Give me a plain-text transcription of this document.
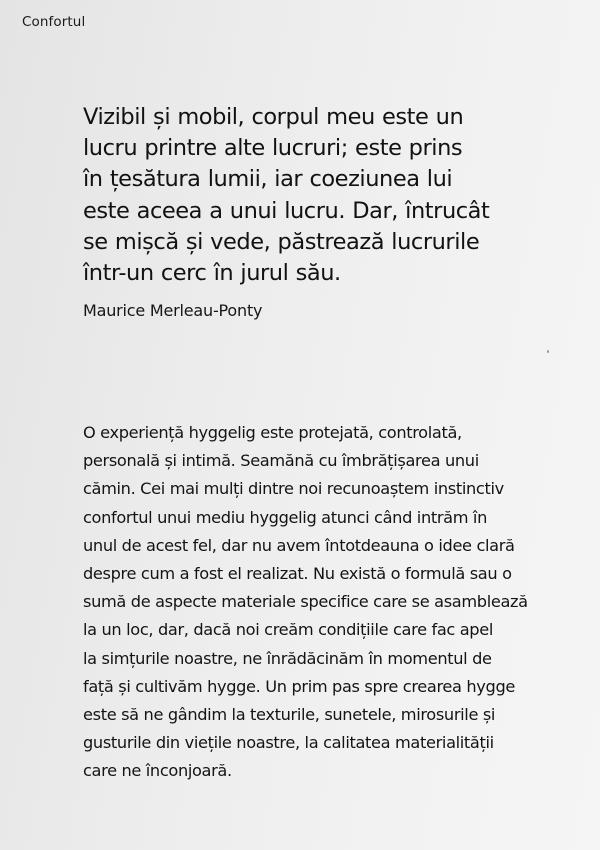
Confortul
Vizibil și mobil, corpul meu este un
lucru printre alte lucruri; este prins
în țesătura lumii, iar coeziunea lui
este aceea a unui lucru. Dar, întrucât
se mișcă și vede, păstrează lucrurile
într-un cerc în jurul său.
Maurice Merleau-Ponty
O experiență hyggelig este protejată, controlată,
personală și intimă. Seamănă cu îmbrățișarea unui
cămin. Cei mai mulți dintre noi recunoaștem instinctiv
confortul unui mediu hyggelig atunci când intrăm în
unul de acest fel, dar nu avem întotdeauna o idee clară
despre cum a fost el realizat. Nu există o formulă sau o
sumă de aspecte materiale specifice care se asamblează
la un loc, dar, dacă noi creăm condițiile care fac apel
la simțurile noastre, ne înrădăcinăm în momentul de
față și cultivăm hygge. Un prim pas spre crearea hygge
este să ne gândim la texturile, sunetele, mirosurile și
gusturile din viețile noastre, la calitatea materialității
care ne înconjoară.
